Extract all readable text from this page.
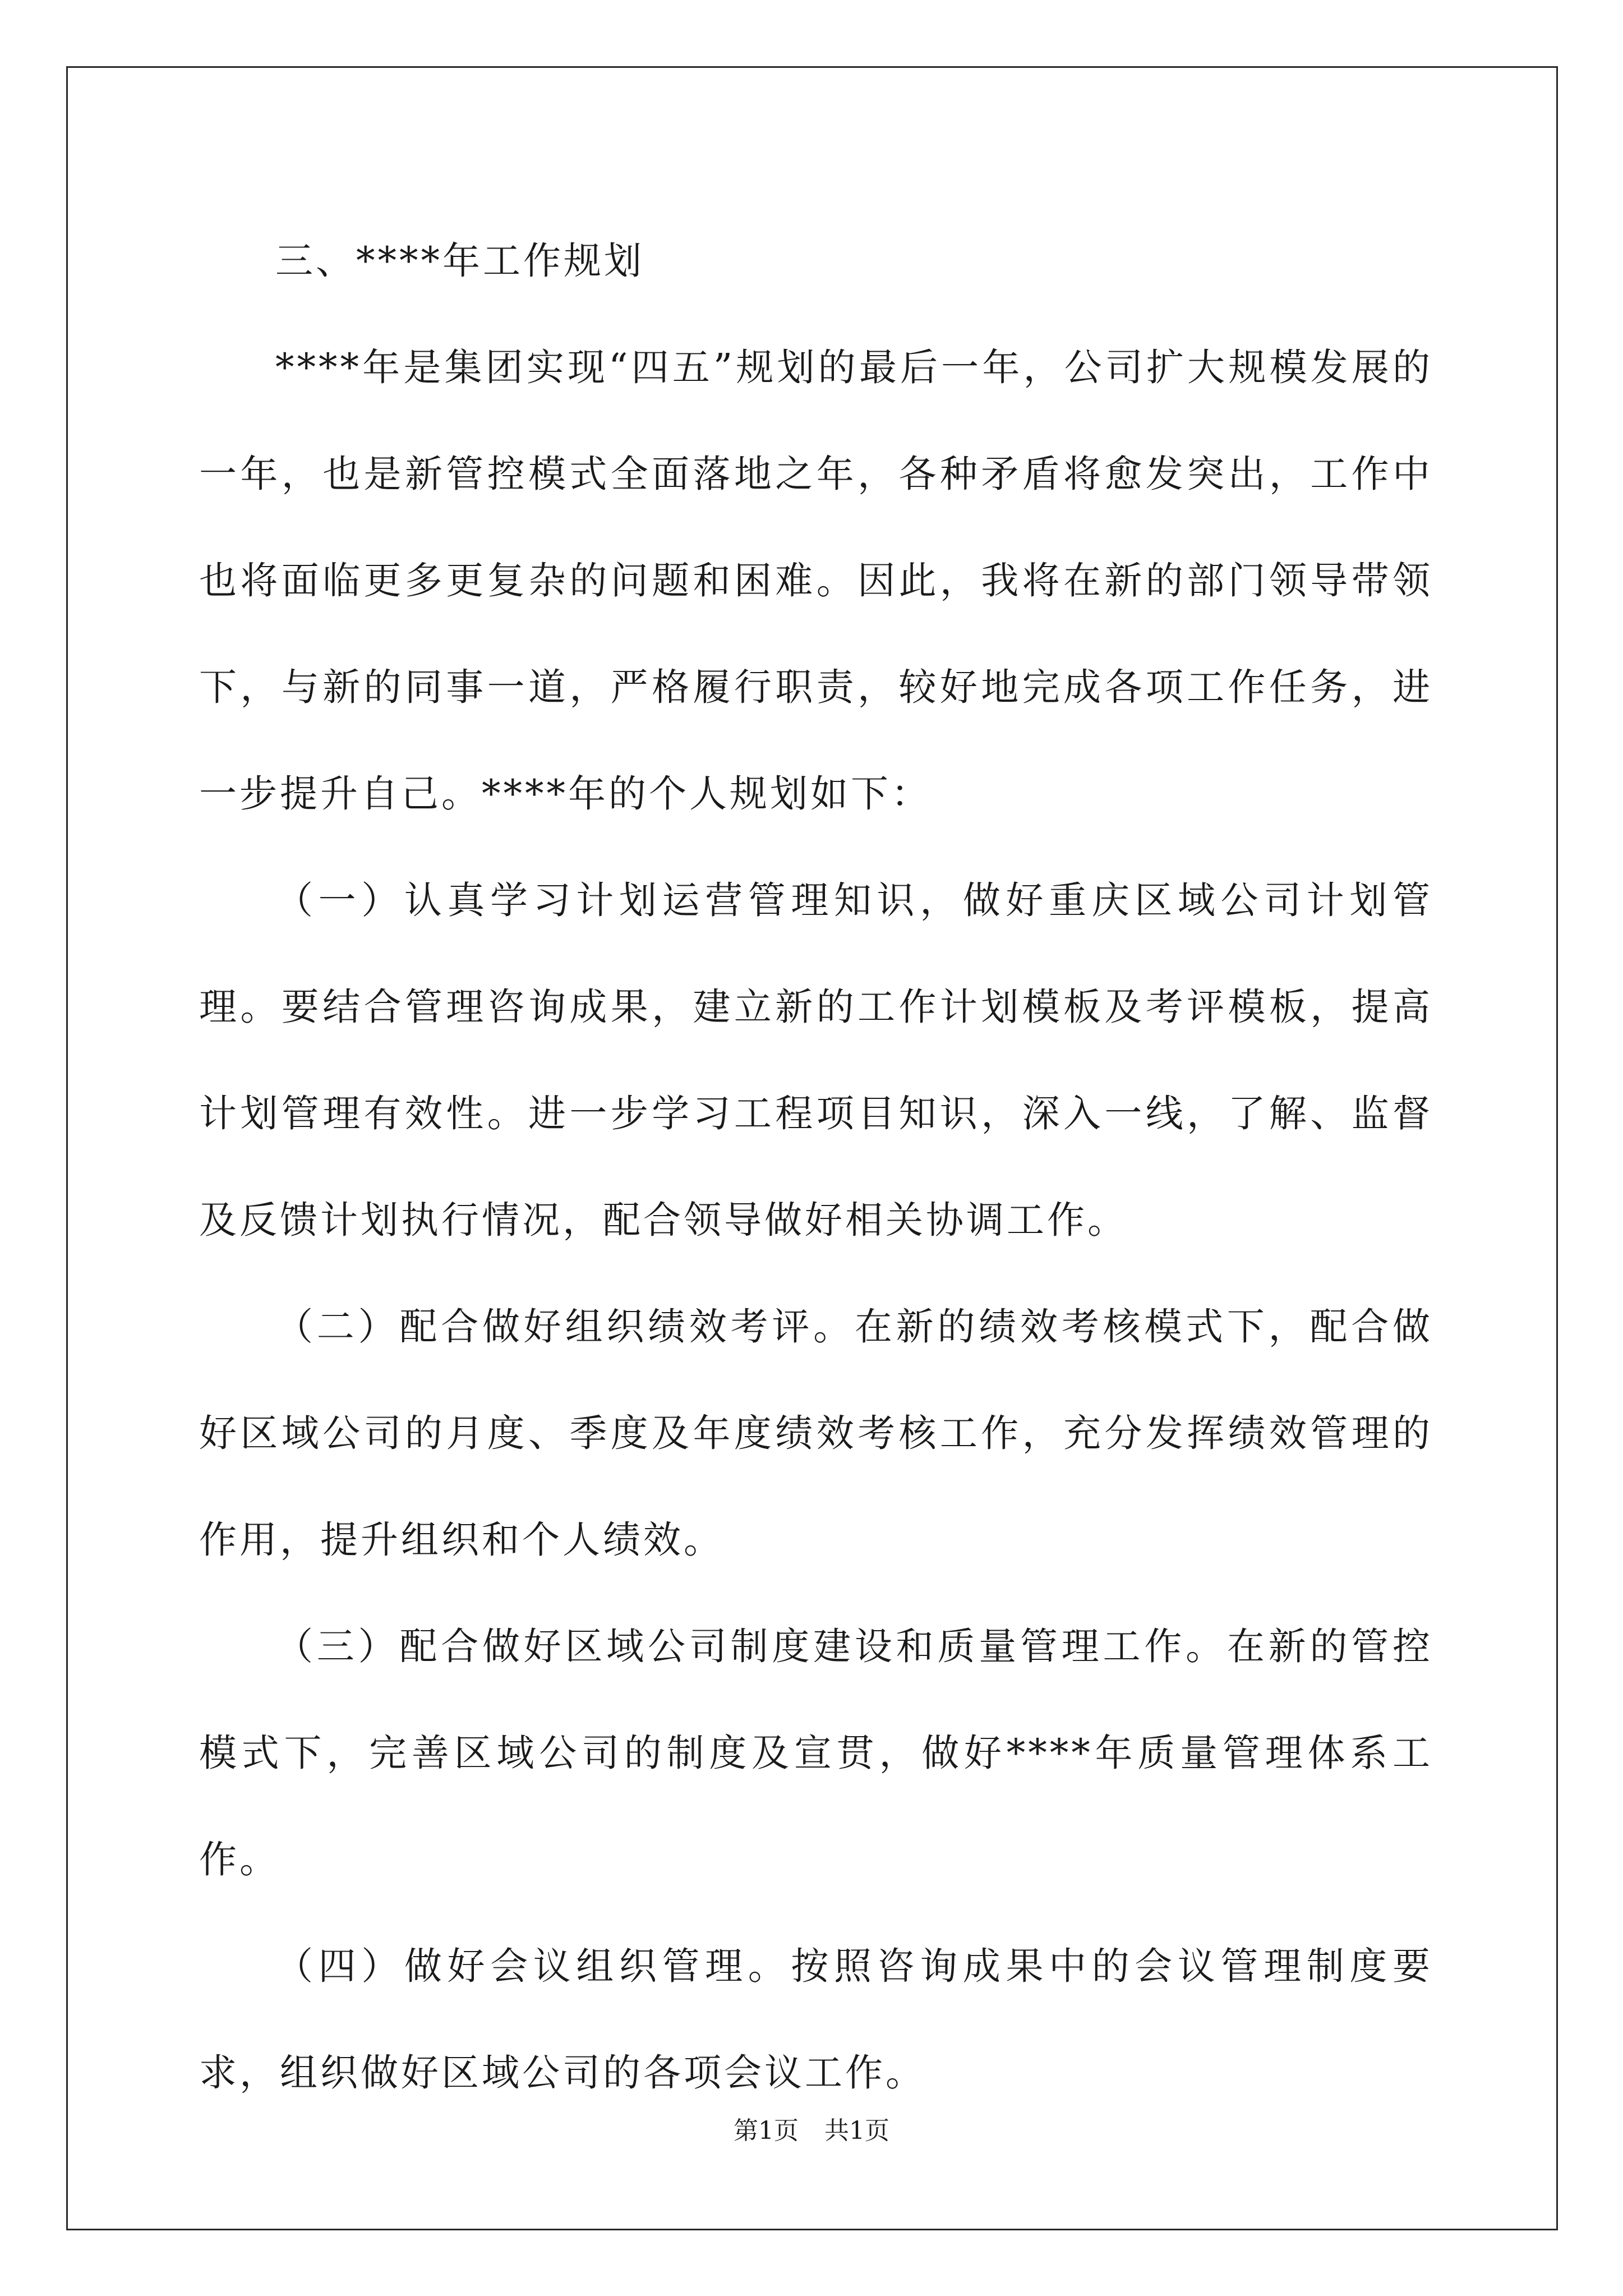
三、****年工作规划

****年是集团实现“四五”规划的最后一年，公司扩大规模发展的一年，也是新管控模式全面落地之年，各种矛盾将愈发突出，工作中也将面临更多更复杂的问题和困难。因此，我将在新的部门领导带领下，与新的同事一道，严格履行职责，较好地完成各项工作任务，进一步提升自己。****年的个人规划如下：

（一）认真学习计划运营管理知识，做好重庆区域公司计划管理。要结合管理咨询成果，建立新的工作计划模板及考评模板，提高计划管理有效性。进一步学习工程项目知识，深入一线，了解、监督及反馈计划执行情况，配合领导做好相关协调工作。

（二）配合做好组织绩效考评。在新的绩效考核模式下，配合做好区域公司的月度、季度及年度绩效考核工作，充分发挥绩效管理的作用，提升组织和个人绩效。

（三）配合做好区域公司制度建设和质量管理工作。在新的管控模式下，完善区域公司的制度及宣贯，做好****年质量管理体系工作。

（四）做好会议组织管理。按照咨询成果中的会议管理制度要求，组织做好区域公司的各项会议工作。

第1页 共1页
